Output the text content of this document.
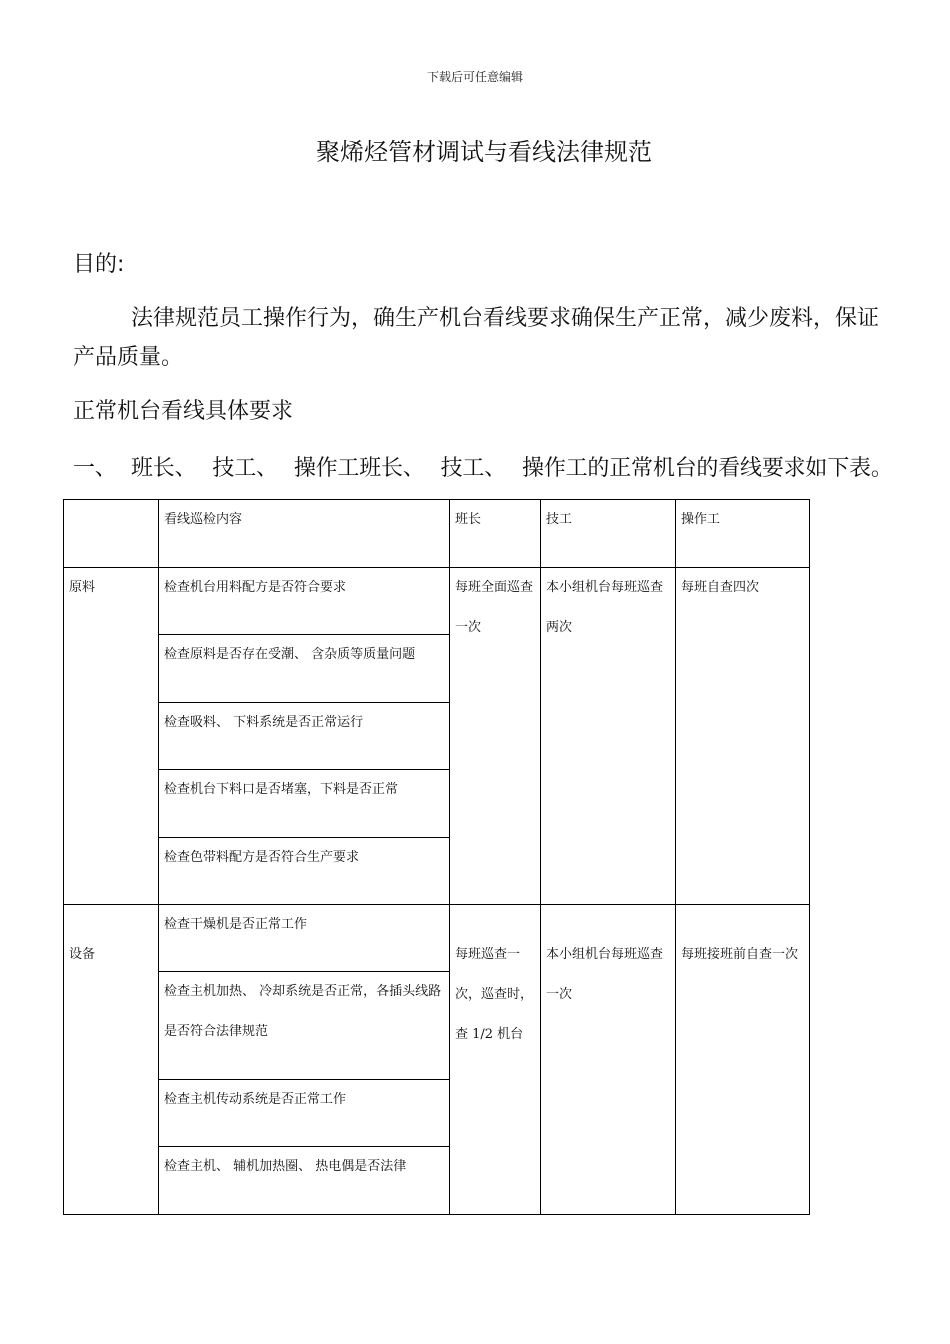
下载后可任意编辑
聚烯烃管材调试与看线法律规范
目的:
法律规范员工操作行为，确生产机台看线要求确保生产正常，减少废料，保证产品质量。
正常机台看线具体要求
一、 班长、 技工、 操作工班长、 技工、 操作工的正常机台的看线要求如下表。
	看线巡检内容	班长	技工	操作工
原料	检查机台用料配方是否符合要求	每班全面巡查一次	本小组机台每班巡查两次	每班自查四次
	检查原料是否存在受潮、 含杂质等质量问题			
	检查吸料、 下料系统是否正常运行			
	检查机台下料口是否堵塞，下料是否正常			
	检查色带料配方是否符合生产要求			
设备	检查干燥机是否正常工作	每班巡查一次，巡查时，查 1/2 机台	本小组机台每班巡查一次	每班接班前自查一次
	检查主机加热、 冷却系统是否正常，各插头线路是否符合法律规范			
	检查主机传动系统是否正常工作			
	检查主机、 辅机加热圈、 热电偶是否法律			
